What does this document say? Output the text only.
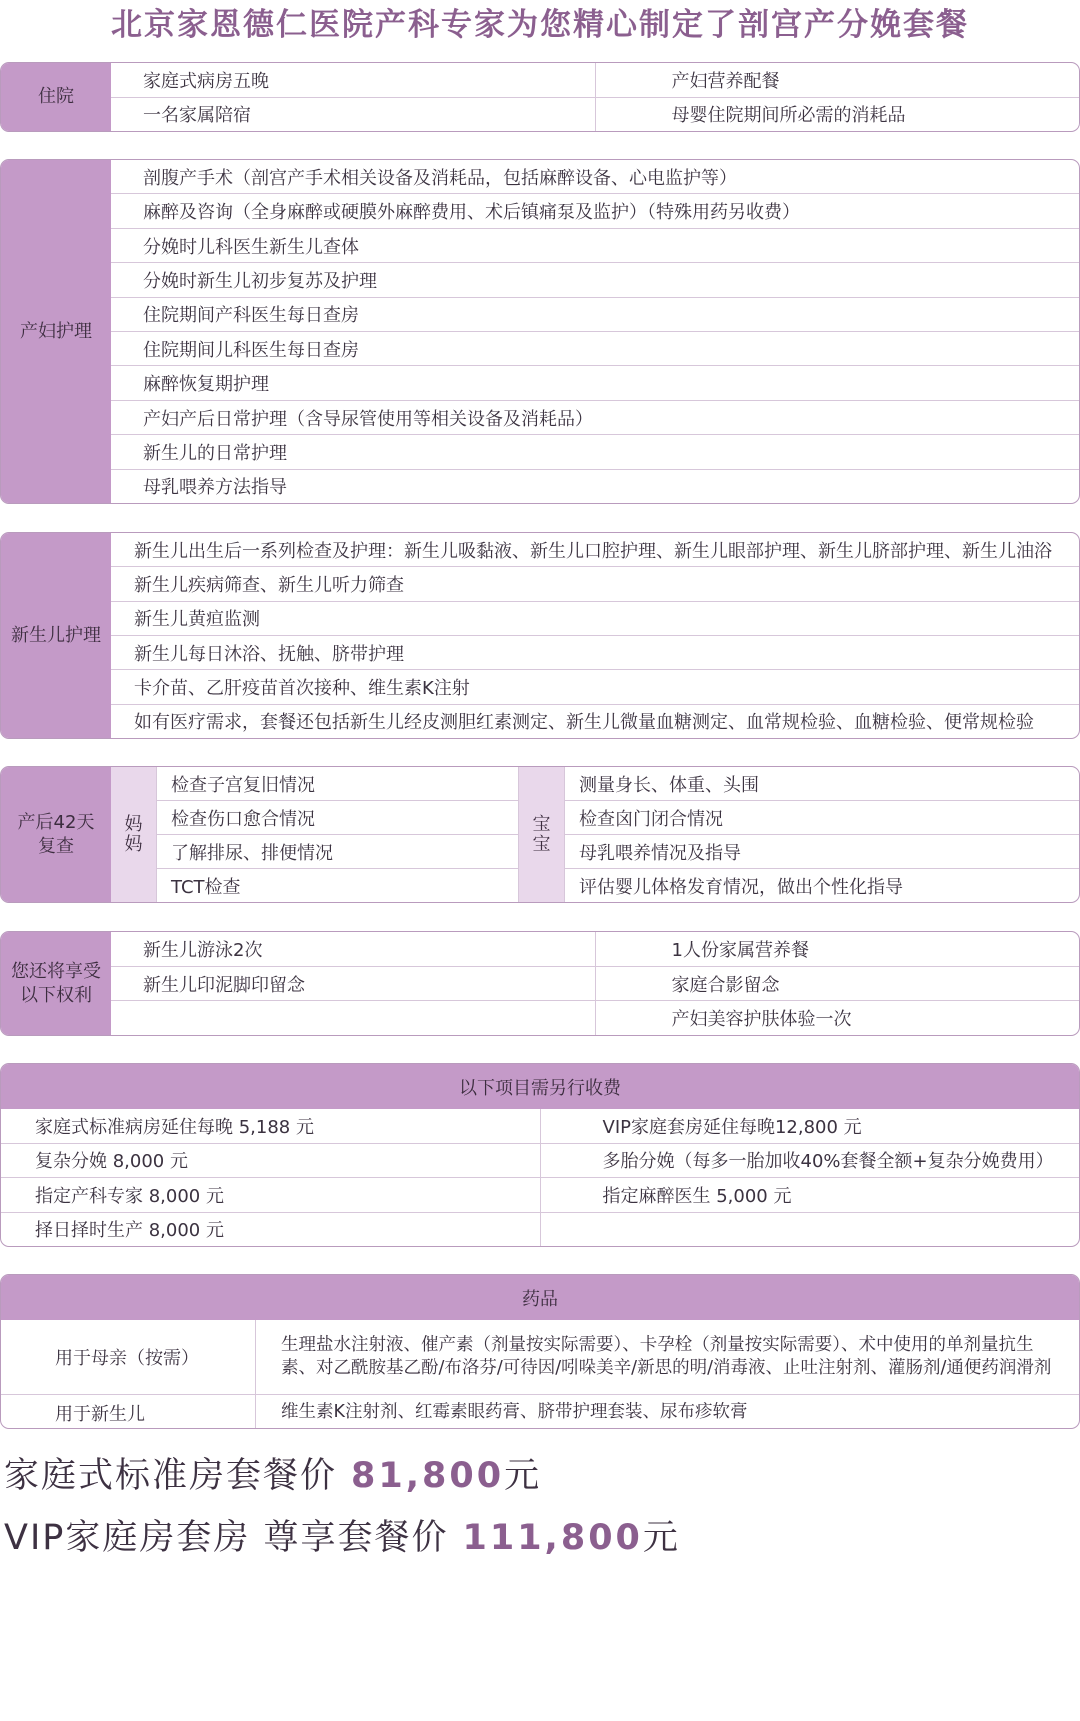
北京家恩德仁医院产科专家为您精心制定了剖宫产分娩套餐
住院
家庭式病房五晚
一名家属陪宿
产妇营养配餐
母婴住院期间所必需的消耗品
产妇护理
剖腹产手术（剖宫产手术相关设备及消耗品，包括麻醉设备、心电监护等）
麻醉及咨询（全身麻醉或硬膜外麻醉费用、术后镇痛泵及监护）（特殊用药另收费）
分娩时儿科医生新生儿查体
分娩时新生儿初步复苏及护理
住院期间产科医生每日查房
住院期间儿科医生每日查房
麻醉恢复期护理
产妇产后日常护理（含导尿管使用等相关设备及消耗品）
新生儿的日常护理
母乳喂养方法指导
新生儿护理
新生儿出生后一系列检查及护理：新生儿吸黏液、新生儿口腔护理、新生儿眼部护理、新生儿脐部护理、新生儿油浴
新生儿疾病筛查、新生儿听力筛查
新生儿黄疸监测
新生儿每日沐浴、抚触、脐带护理
卡介苗、乙肝疫苗首次接种、维生素K注射
如有医疗需求，套餐还包括新生儿经皮测胆红素测定、新生儿微量血糖测定、血常规检验、血糖检验、便常规检验
产后42天
复查
妈妈
检查子宫复旧情况
检查伤口愈合情况
了解排尿、排便情况
TCT检查
宝宝
测量身长、体重、头围
检查囟门闭合情况
母乳喂养情况及指导
评估婴儿体格发育情况，做出个性化指导
您还将享受
以下权利
新生儿游泳2次
新生儿印泥脚印留念
1人份家属营养餐
家庭合影留念
产妇美容护肤体验一次
以下项目需另行收费
家庭式标准病房延住每晚 5,188 元
复杂分娩 8,000 元
指定产科专家 8,000 元
择日择时生产 8,000 元
VIP家庭套房延住每晚12,800 元
多胎分娩（每多一胎加收40%套餐全额+复杂分娩费用）
指定麻醉医生 5,000 元
药品
用于母亲（按需）
生理盐水注射液、催产素（剂量按实际需要）、卡孕栓（剂量按实际需要）、术中使用的单剂量抗生素、对乙酰胺基乙酚/布洛芬/可待因/吲哚美辛/新思的明/消毒液、止吐注射剂、灌肠剂/通便药润滑剂
用于新生儿	维生素K注射剂、红霉素眼药膏、脐带护理套装、尿布疹软膏
家庭式标准房套餐价 81,800元
VIP家庭房套房 尊享套餐价 111,800元
